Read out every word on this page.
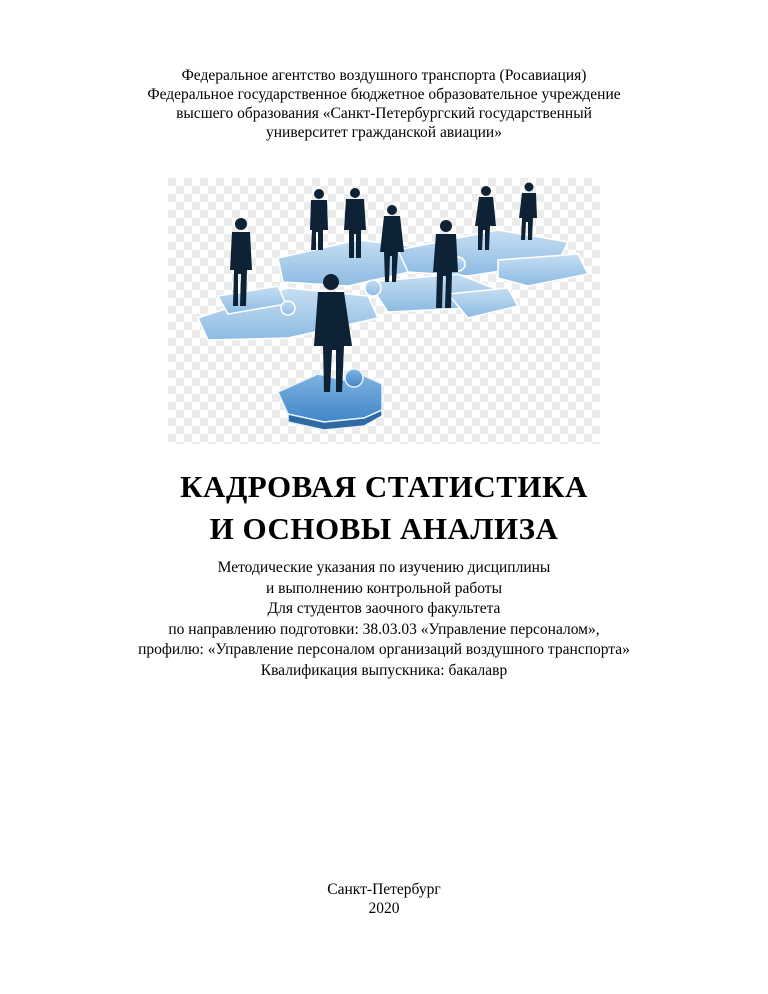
Федеральное агентство воздушного транспорта (Росавиация)
Федеральное государственное бюджетное образовательное учреждение
высшего образования «Санкт-Петербургский государственный
университет гражданской авиации»
КАДРОВАЯ СТАТИСТИКА
И ОСНОВЫ АНАЛИЗА
Методические указания по изучению дисциплины
и выполнению контрольной работы
Для студентов заочного факультета
по направлению подготовки: 38.03.03 «Управление персоналом»,
профилю: «Управление персоналом организаций воздушного транспорта»
Квалификация выпускника: бакалавр
Санкт-Петербург
2020
